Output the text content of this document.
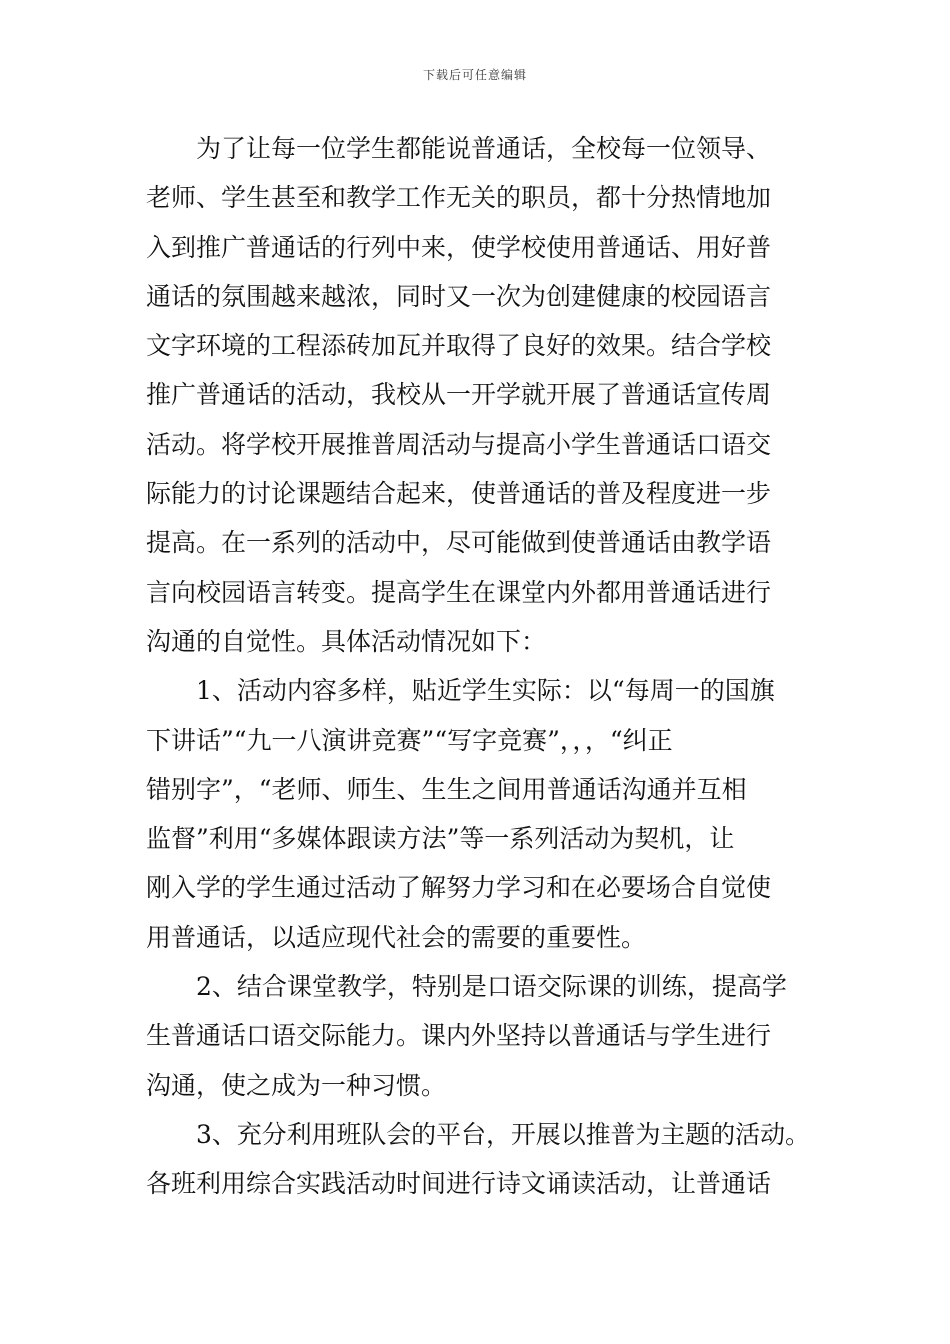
下载后可任意编辑
为了让每一位学生都能说普通话，全校每一位领导、
老师、学生甚至和教学工作无关的职员，都十分热情地加
入到推广普通话的行列中来，使学校使用普通话、用好普
通话的氛围越来越浓，同时又一次为创建健康的校园语言
文字环境的工程添砖加瓦并取得了良好的效果。结合学校
推广普通话的活动，我校从一开学就开展了普通话宣传周
活动。将学校开展推普周活动与提高小学生普通话口语交
际能力的讨论课题结合起来，使普通话的普及程度进一步
提高。在一系列的活动中，尽可能做到使普通话由教学语
言向校园语言转变。提高学生在课堂内外都用普通话进行
沟通的自觉性。具体活动情况如下：
1、活动内容多样，贴近学生实际：以“每周一的国旗
下讲话”“九一八演讲竞赛”“写字竞赛”，，，“纠正
错别字”，“老师、师生、生生之间用普通话沟通并互相
监督”利用“多媒体跟读方法”等一系列活动为契机，让
刚入学的学生通过活动了解努力学习和在必要场合自觉使
用普通话，以适应现代社会的需要的重要性。
2、结合课堂教学，特别是口语交际课的训练，提高学
生普通话口语交际能力。课内外坚持以普通话与学生进行
沟通，使之成为一种习惯。
3、充分利用班队会的平台，开展以推普为主题的活动。
各班利用综合实践活动时间进行诗文诵读活动，让普通话
